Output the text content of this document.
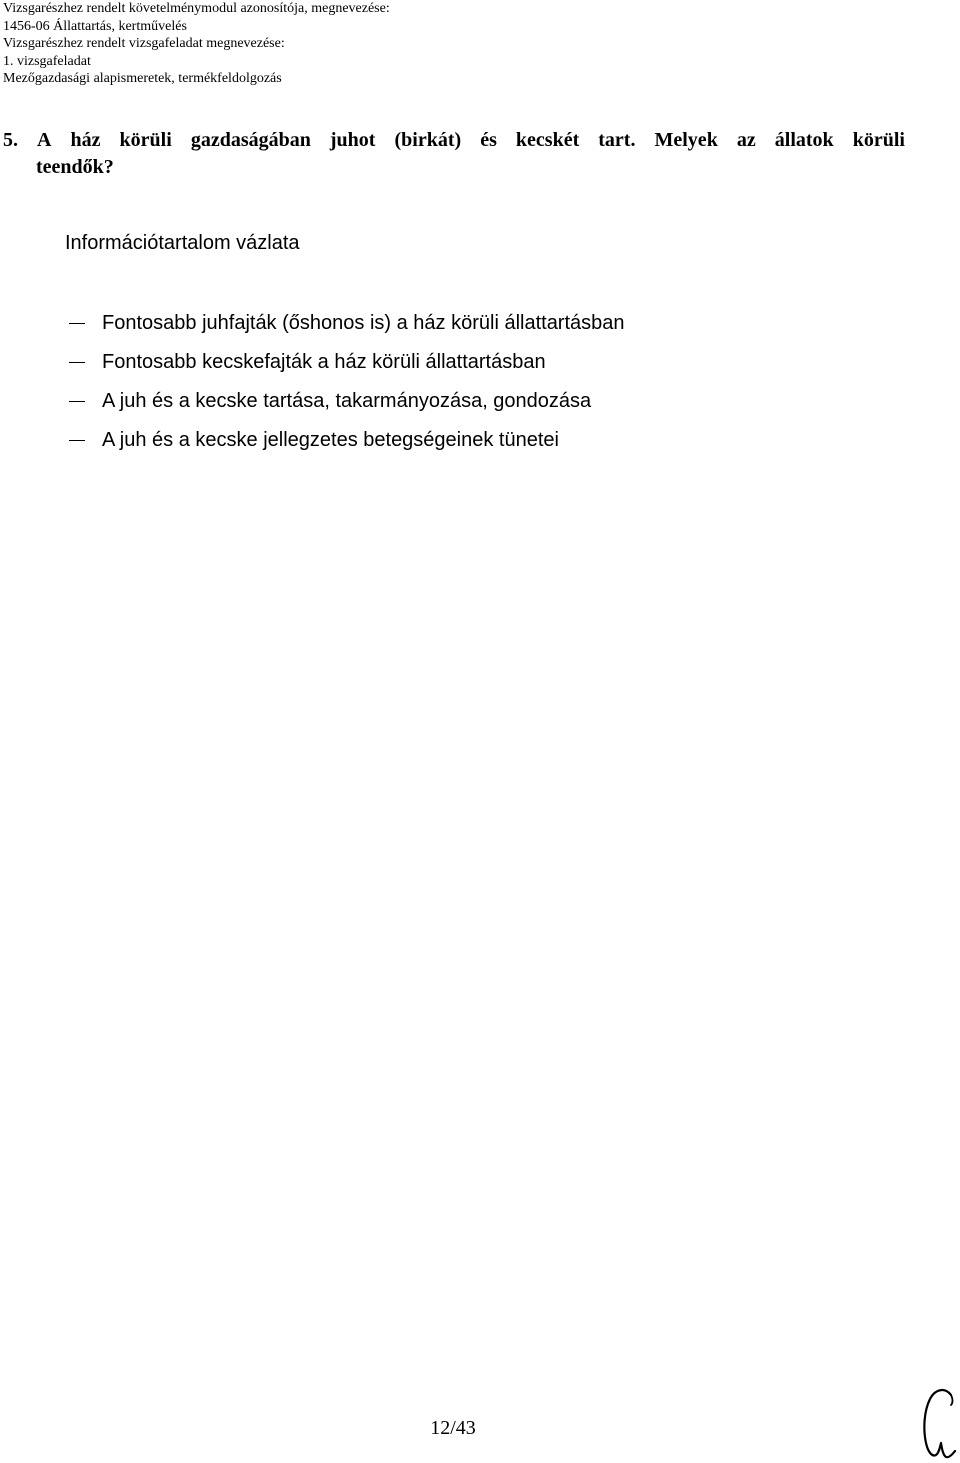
Vizsgarészhez rendelt követelménymodul azonosítója, megnevezése:
1456-06 Állattartás, kertművelés
Vizsgarészhez rendelt vizsgafeladat megnevezése:
1. vizsgafeladat
Mezőgazdasági alapismeretek, termékfeldolgozás
5. A ház körüli gazdaságában juhot (birkát) és kecskét tart. Melyek az állatok körüli
teendők?
Információtartalom vázlata
Fontosabb juhfajták (őshonos is) a ház körüli állattartásban
Fontosabb kecskefajták a ház körüli állattartásban
A juh és a kecske tartása, takarmányozása, gondozása
A juh és a kecske jellegzetes betegségeinek tünetei
12/43
